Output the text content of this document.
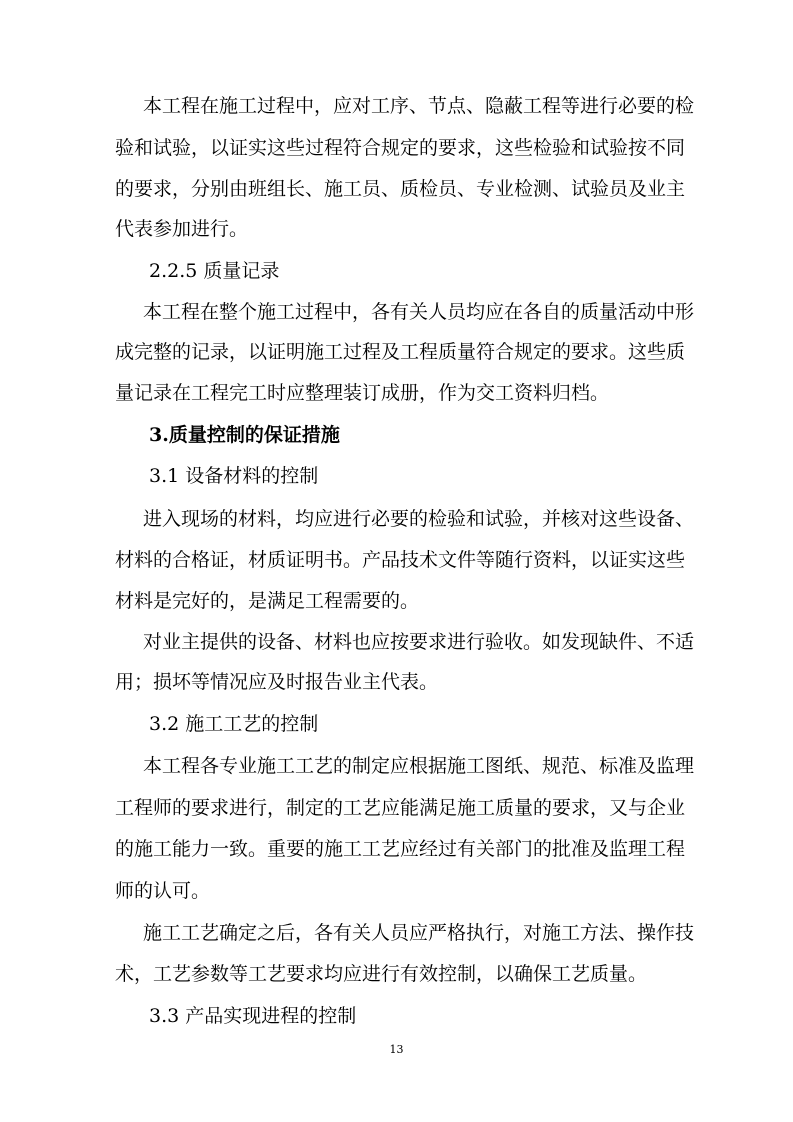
本工程在施工过程中，应对工序、节点、隐蔽工程等进行必要的检
验和试验，以证实这些过程符合规定的要求，这些检验和试验按不同
的要求，分别由班组长、施工员、质检员、专业检测、试验员及业主
代表参加进行。
2.2.5 质量记录
本工程在整个施工过程中，各有关人员均应在各自的质量活动中形
成完整的记录，以证明施工过程及工程质量符合规定的要求。这些质
量记录在工程完工时应整理装订成册，作为交工资料归档。
3.质量控制的保证措施
3.1 设备材料的控制
进入现场的材料，均应进行必要的检验和试验，并核对这些设备、
材料的合格证，材质证明书。产品技术文件等随行资料，以证实这些
材料是完好的，是满足工程需要的。
对业主提供的设备、材料也应按要求进行验收。如发现缺件、不适
用；损坏等情况应及时报告业主代表。
3.2 施工工艺的控制
本工程各专业施工工艺的制定应根据施工图纸、规范、标准及监理
工程师的要求进行，制定的工艺应能满足施工质量的要求，又与企业
的施工能力一致。重要的施工工艺应经过有关部门的批准及监理工程
师的认可。
施工工艺确定之后，各有关人员应严格执行，对施工方法、操作技
术，工艺参数等工艺要求均应进行有效控制，以确保工艺质量。
3.3 产品实现进程的控制
13
